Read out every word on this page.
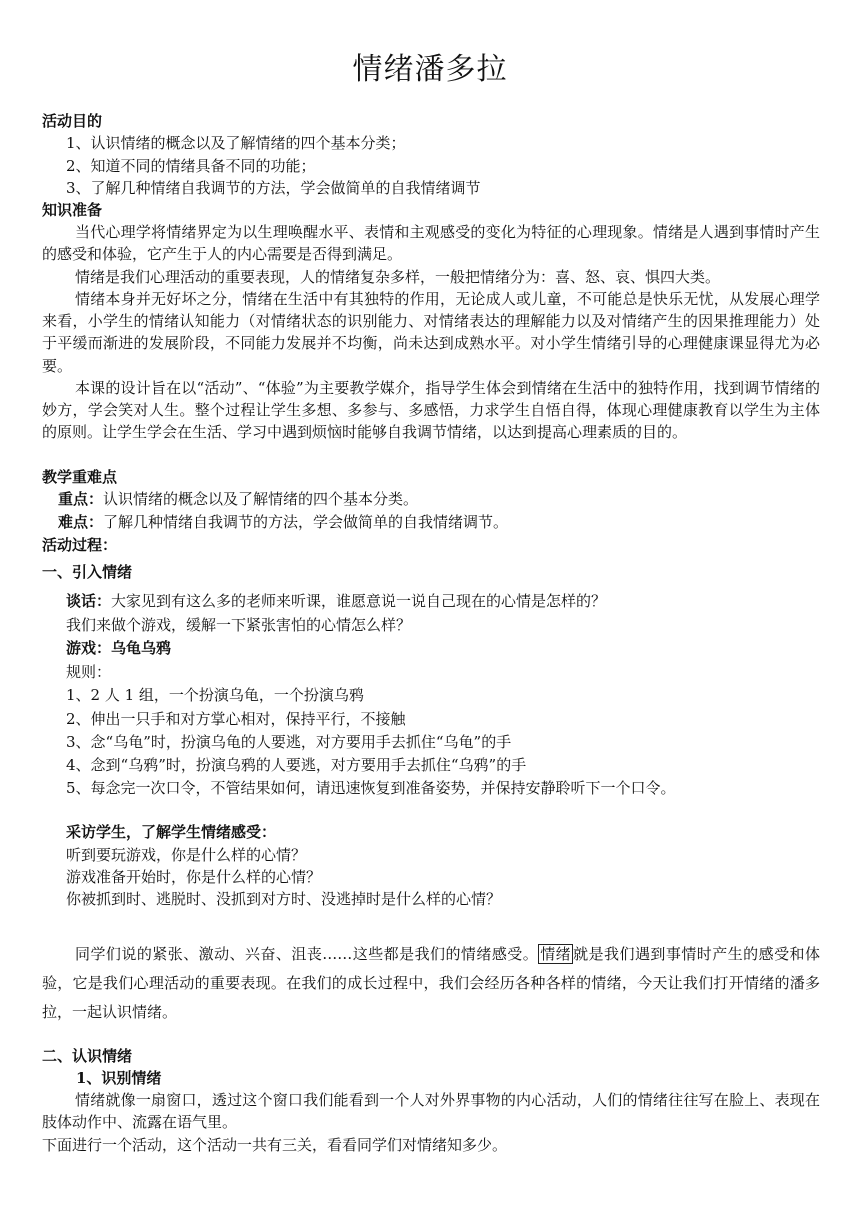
情绪潘多拉
活动目的
1、认识情绪的概念以及了解情绪的四个基本分类；
2、知道不同的情绪具备不同的功能；
3、了解几种情绪自我调节的方法，学会做简单的自我情绪调节
知识准备
当代心理学将情绪界定为以生理唤醒水平、表情和主观感受的变化为特征的心理现象。情绪是人遇到事情时产生的感受和体验，它产生于人的内心需要是否得到满足。
情绪是我们心理活动的重要表现，人的情绪复杂多样，一般把情绪分为：喜、怒、哀、惧四大类。
情绪本身并无好坏之分，情绪在生活中有其独特的作用，无论成人或儿童，不可能总是快乐无忧，从发展心理学来看，小学生的情绪认知能力（对情绪状态的识别能力、对情绪表达的理解能力以及对情绪产生的因果推理能力）处于平缓而渐进的发展阶段，不同能力发展并不均衡，尚未达到成熟水平。对小学生情绪引导的心理健康课显得尤为必要。
本课的设计旨在以“活动”、“体验”为主要教学媒介，指导学生体会到情绪在生活中的独特作用，找到调节情绪的妙方，学会笑对人生。整个过程让学生多想、多参与、多感悟，力求学生自悟自得，体现心理健康教育以学生为主体的原则。让学生学会在生活、学习中遇到烦恼时能够自我调节情绪，以达到提高心理素质的目的。
教学重难点
重点：认识情绪的概念以及了解情绪的四个基本分类。
难点：了解几种情绪自我调节的方法，学会做简单的自我情绪调节。
活动过程：
一、引入情绪
谈话：大家见到有这么多的老师来听课，谁愿意说一说自己现在的心情是怎样的？
我们来做个游戏，缓解一下紧张害怕的心情怎么样？
游戏：乌龟乌鸦
规则：
1、2 人 1 组，一个扮演乌龟，一个扮演乌鸦
2、伸出一只手和对方掌心相对，保持平行，不接触
3、念“乌龟”时，扮演乌龟的人要逃，对方要用手去抓住“乌龟”的手
4、念到“乌鸦”时，扮演乌鸦的人要逃，对方要用手去抓住“乌鸦”的手
5、每念完一次口令，不管结果如何，请迅速恢复到准备姿势，并保持安静聆听下一个口令。
采访学生，了解学生情绪感受：
听到要玩游戏，你是什么样的心情？
游戏准备开始时，你是什么样的心情？
你被抓到时、逃脱时、没抓到对方时、没逃掉时是什么样的心情？
同学们说的紧张、激动、兴奋、沮丧……这些都是我们的情绪感受。 情绪 就是我们遇到事情时产生的感受和体验，它是我们心理活动的重要表现。在我们的成长过程中，我们会经历各种各样的情绪，今天让我们打开情绪的潘多拉，一起认识情绪。
二、认识情绪
1、识别情绪
情绪就像一扇窗口，透过这个窗口我们能看到一个人对外界事物的内心活动，人们的情绪往往写在脸上、表现在肢体动作中、流露在语气里。
下面进行一个活动，这个活动一共有三关，看看同学们对情绪知多少。
